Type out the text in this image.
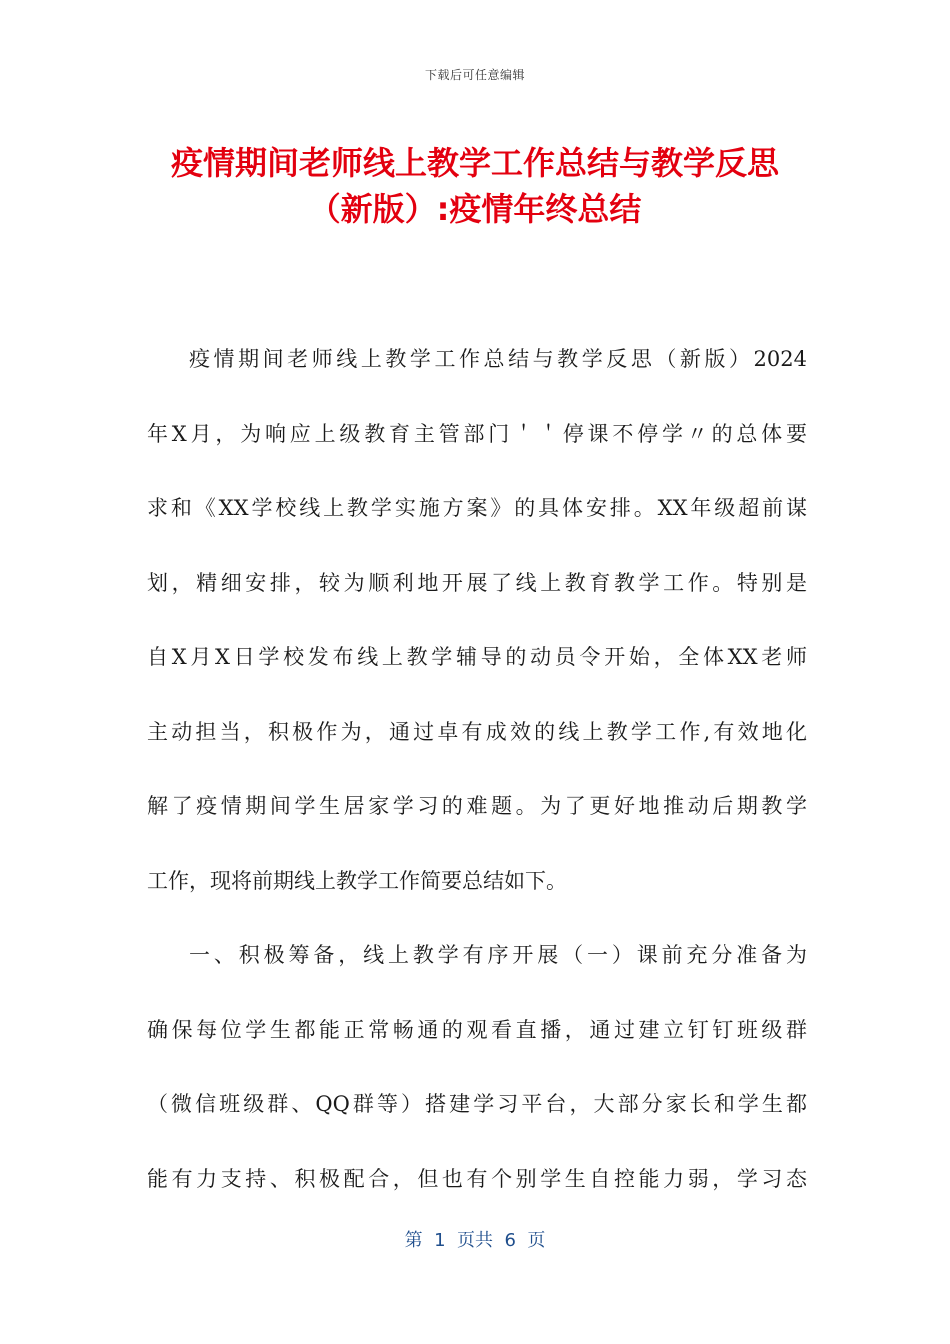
下载后可任意编辑
疫情期间老师线上教学工作总结与教学反思
（新版）:疫情年终总结
疫情期间老师线上教学工作总结与教学反思（新版）2024
年X月，为响应上级教育主管部门＇＇停课不停学〃的总体要
求和《XX学校线上教学实施方案》的具体安排。XX年级超前谋
划，精细安排，较为顺利地开展了线上教育教学工作。特别是
自X月X日学校发布线上教学辅导的动员令开始，全体XX老师
主动担当，积极作为，通过卓有成效的线上教学工作,有效地化
解了疫情期间学生居家学习的难题。为了更好地推动后期教学
工作，现将前期线上教学工作简要总结如下。
一、积极筹备，线上教学有序开展（一）课前充分准备为
确保每位学生都能正常畅通的观看直播，通过建立钉钉班级群
（微信班级群、QQ群等）搭建学习平台，大部分家长和学生都
能有力支持、积极配合，但也有个别学生自控能力弱，学习态
第  1  页共  6  页
